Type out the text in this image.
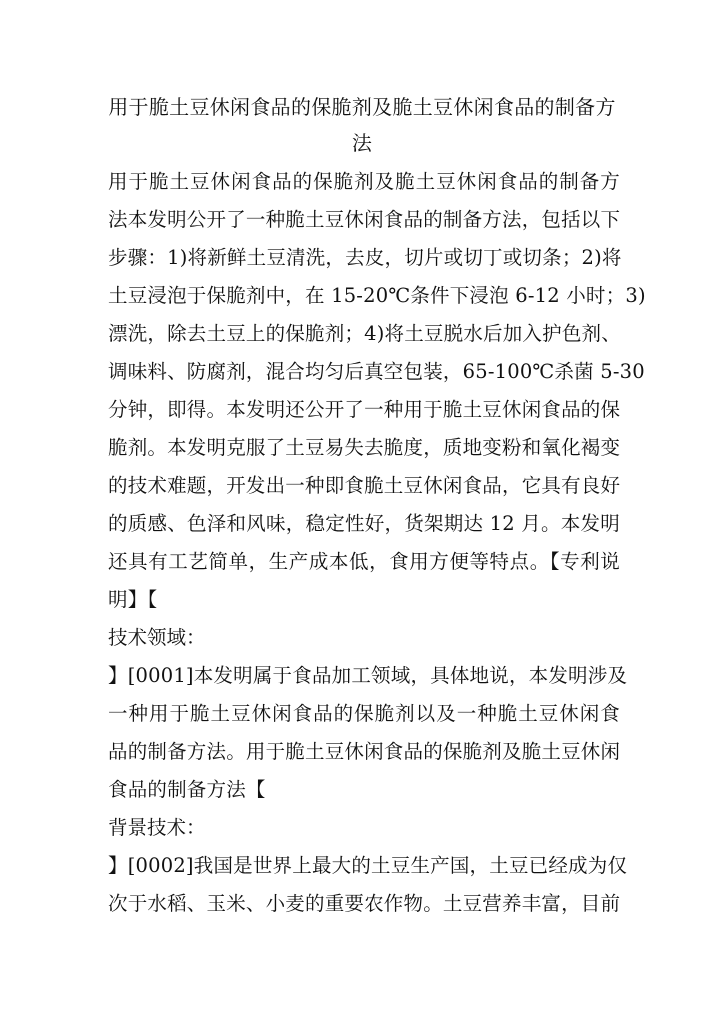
用于脆土豆休闲食品的保脆剂及脆土豆休闲食品的制备方
法
用于脆土豆休闲食品的保脆剂及脆土豆休闲食品的制备方
法本发明公开了一种脆土豆休闲食品的制备方法，包括以下
步骤：1)将新鲜土豆清洗，去皮，切片或切丁或切条；2)将
土豆浸泡于保脆剂中，在 15-20℃条件下浸泡 6-12 小时；3)
漂洗，除去土豆上的保脆剂；4)将土豆脱水后加入护色剂、
调味料、防腐剂，混合均匀后真空包装，65-100℃杀菌 5-30
分钟，即得。本发明还公开了一种用于脆土豆休闲食品的保
脆剂。本发明克服了土豆易失去脆度，质地变粉和氧化褐变
的技术难题，开发出一种即食脆土豆休闲食品，它具有良好
的质感、色泽和风味，稳定性好，货架期达 12 月。本发明
还具有工艺简单，生产成本低，食用方便等特点。【专利说
明】【
技术领域：
】[0001]本发明属于食品加工领域，具体地说，本发明涉及
一种用于脆土豆休闲食品的保脆剂以及一种脆土豆休闲食
品的制备方法。用于脆土豆休闲食品的保脆剂及脆土豆休闲
食品的制备方法【
背景技术：
】[0002]我国是世界上最大的土豆生产国，土豆已经成为仅
次于水稻、玉米、小麦的重要农作物。土豆营养丰富，目前
